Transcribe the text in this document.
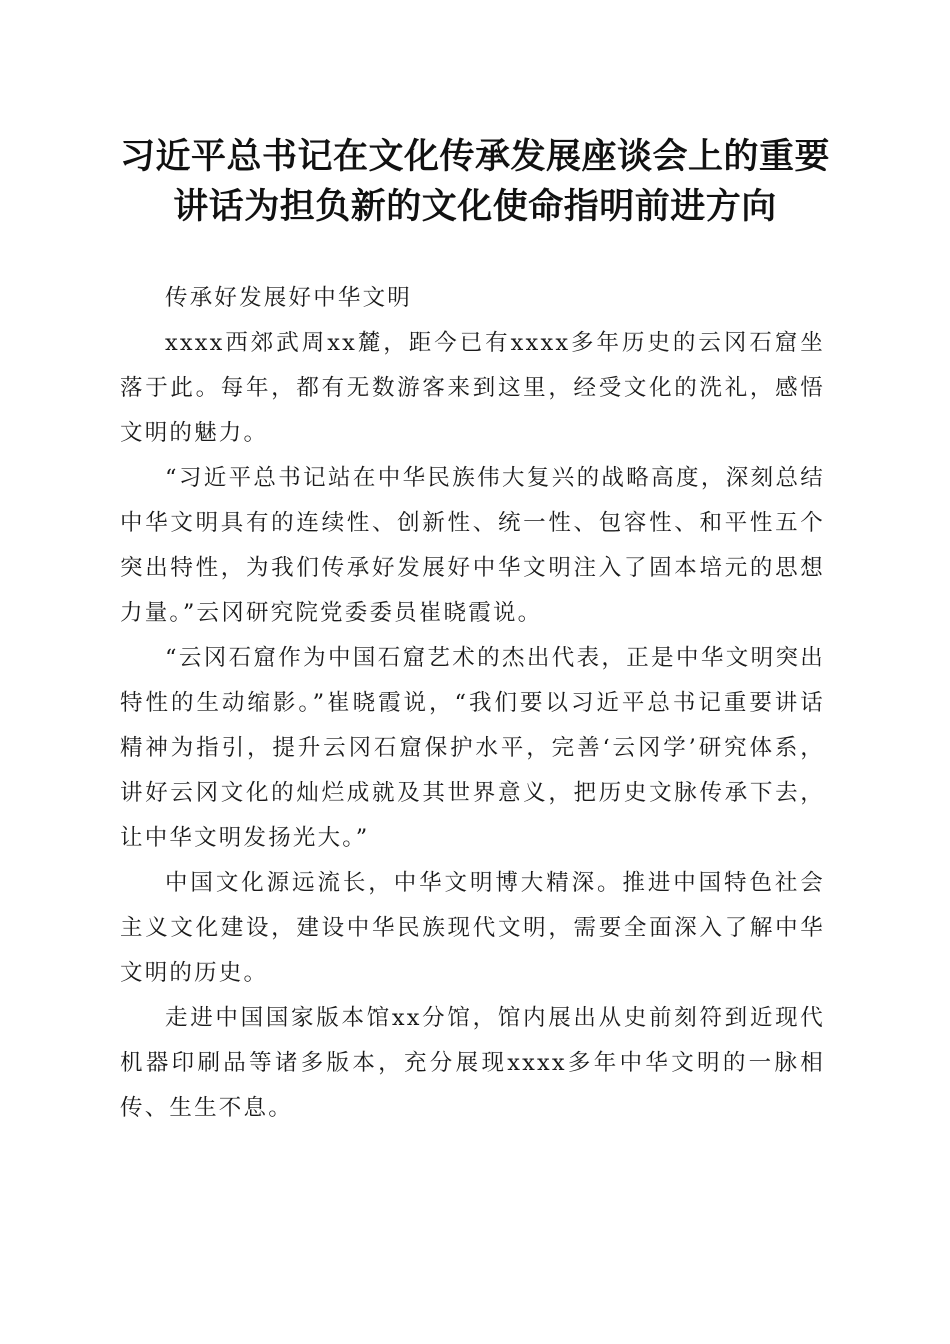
习近平总书记在文化传承发展座谈会上的重要
讲话为担负新的文化使命指明前进方向

传承好发展好中华文明

xxxx西郊武周xx麓，距今已有xxxx多年历史的云冈石窟坐落于此。每年，都有无数游客来到这里，经受文化的洗礼，感悟文明的魅力。

“习近平总书记站在中华民族伟大复兴的战略高度，深刻总结中华文明具有的连续性、创新性、统一性、包容性、和平性五个突出特性，为我们传承好发展好中华文明注入了固本培元的思想力量。”云冈研究院党委委员崔晓霞说。

“云冈石窟作为中国石窟艺术的杰出代表，正是中华文明突出特性的生动缩影。”崔晓霞说，“我们要以习近平总书记重要讲话精神为指引，提升云冈石窟保护水平，完善‘云冈学’研究体系，讲好云冈文化的灿烂成就及其世界意义，把历史文脉传承下去，让中华文明发扬光大。”

中国文化源远流长，中华文明博大精深。推进中国特色社会主义文化建设，建设中华民族现代文明，需要全面深入了解中华文明的历史。

走进中国国家版本馆xx分馆，馆内展出从史前刻符到近现代机器印刷品等诸多版本，充分展现xxxx多年中华文明的一脉相传、生生不息。
